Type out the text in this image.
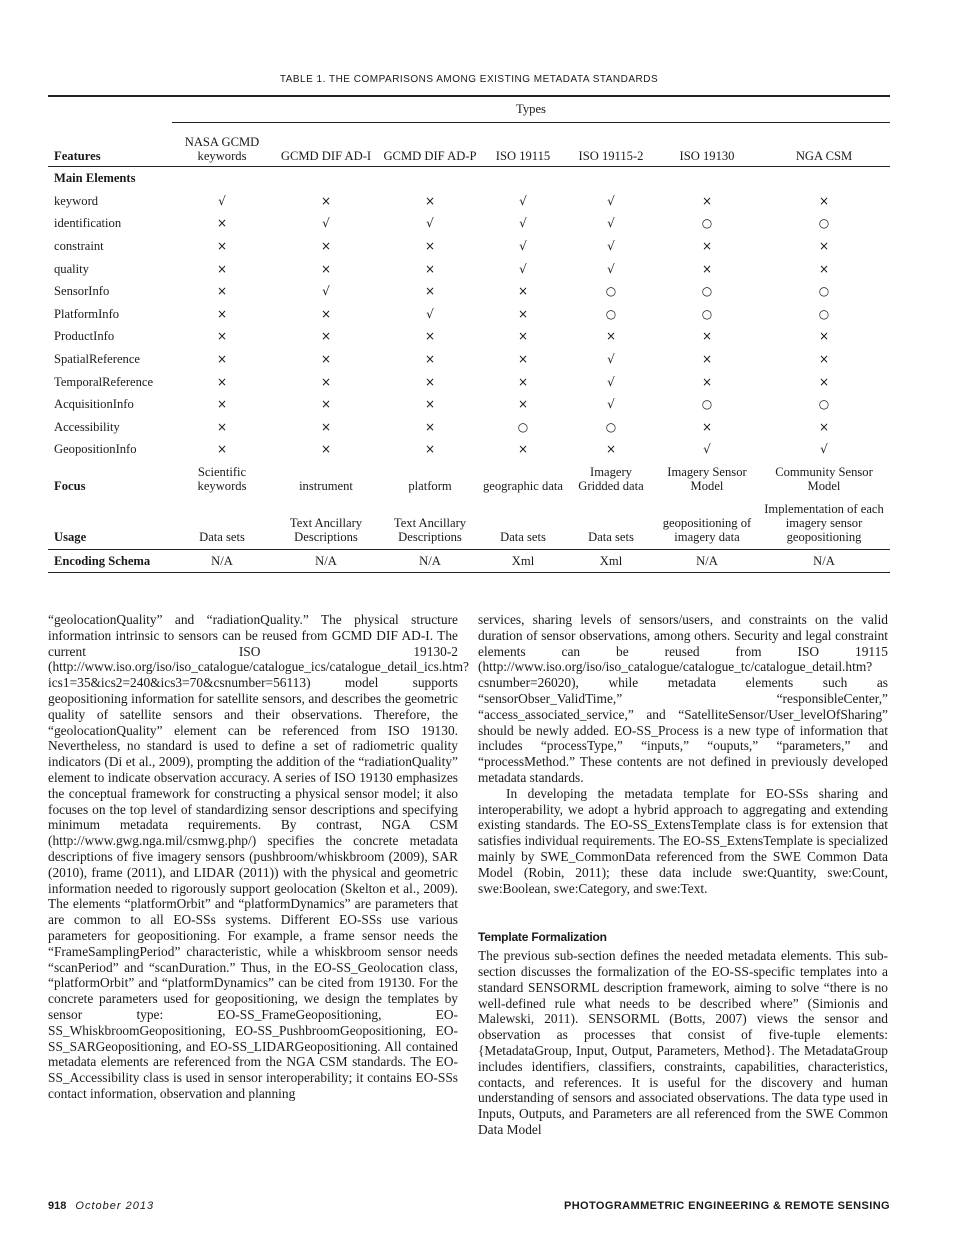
TABLE 1. THE COMPARISONS AMONG EXISTING METADATA STANDARDS
	Types						
Features	NASA GCMD keywords	GCMD DIF AD-I	GCMD DIF AD-P	ISO 19115	ISO 19115-2	ISO 19130	NGA CSM
Main Elements							
keyword	√	×	×	√	√	×	×
identification	×	√	√	√	√	○	○
constraint	×	×	×	√	√	×	×
quality	×	×	×	√	√	×	×
SensorInfo	×	√	×	×	○	○	○
PlatformInfo	×	×	√	×	○	○	○
ProductInfo	×	×	×	×	×	×	×
SpatialReference	×	×	×	×	√	×	×
TemporalReference	×	×	×	×	√	×	×
AcquisitionInfo	×	×	×	×	√	○	○
Accessibility	×	×	×	○	○	×	×
GeopositionInfo	×	×	×	×	×	√	√
Focus	Scientific keywords	instrument	platform	geographic data	Imagery Gridded data	Imagery Sensor Model	Community Sensor Model
Usage	Data sets	Text Ancillary Descriptions	Text Ancillary Descriptions	Data sets	Data sets	geopositioning of imagery data	Implementation of each imagery sensor geopositioning
Encoding Schema	N/A	N/A	N/A	Xml	Xml	N/A	N/A

“geolocationQuality” and “radiationQuality.” The physical structure information intrinsic to sensors can be reused from GCMD DIF AD-I. The current ISO 19130-2 (http://www.iso.org/iso/iso_catalogue/catalogue_ics/catalogue_detail_ics.htm?ics1=35&ics2=240&ics3=70&csnumber=56113) model supports geopositioning information for satellite sensors, and describes the geometric quality of satellite sensors and their observations. Therefore, the “geolocationQuality” element can be referenced from ISO 19130. Nevertheless, no standard is used to define a set of radiometric quality indicators (Di et al., 2009), prompting the addition of the “radiationQuality” element to indicate observation accuracy. A series of ISO 19130 emphasizes the conceptual framework for constructing a physical sensor model; it also focuses on the top level of standardizing sensor descriptions and specifying minimum metadata requirements. By contrast, NGA CSM (http://www.gwg.nga.mil/csmwg.php/) specifies the concrete metadata descriptions of five imagery sensors (pushbroom/whiskbroom (2009), SAR (2010), frame (2011), and LIDAR (2011)) with the physical and geometric information needed to rigorously support geolocation (Skelton et al., 2009). The elements “platformOrbit” and “platformDynamics” are parameters that are common to all EO-SSs systems. Different EO-SSs use various parameters for geopositioning. For example, a frame sensor needs the “FrameSamplingPeriod” characteristic, while a whiskbroom sensor needs “scanPeriod” and “scanDuration.” Thus, in the EO-SS_Geolocation class, “platformOrbit” and “platformDynamics” can be cited from 19130. For the concrete parameters used for geopositioning, we design the templates by sensor type: EO-SS_FrameGeopositioning, EO-SS_WhiskbroomGeopositioning, EO-SS_PushbroomGeopositioning, EO-SS_SARGeopositioning, and EO-SS_LIDARGeopositioning. All contained metadata elements are referenced from the NGA CSM standards. The EO-SS_Accessibility class is used in sensor interoperability; it contains EO-SSs contact information, observation and planning

services, sharing levels of sensors/users, and constraints on the valid duration of sensor observations, among others. Security and legal constraint elements can be reused from ISO 19115 (http://www.iso.org/iso/iso_catalogue/catalogue_tc/catalogue_detail.htm?csnumber=26020), while metadata elements such as “sensorObser_ValidTime,” “responsibleCenter,” “access_associated_service,” and “SatelliteSensor/User_levelOfSharing” should be newly added. EO-SS_Process is a new type of information that includes “processType,” “inputs,” “ouputs,” “parameters,” and “processMethod.” These contents are not defined in previously developed metadata standards.

In developing the metadata template for EO-SSs sharing and interoperability, we adopt a hybrid approach to aggregating and extending existing standards. The EO-SS_ExtensTemplate class is for extension that satisfies individual requirements. The EO-SS_ExtensTemplate is specialized mainly by SWE_CommonData referenced from the SWE Common Data Model (Robin, 2011); these data include swe:Quantity, swe:Count, swe:Boolean, swe:Category, and swe:Text.

Template Formalization

The previous sub-section defines the needed metadata elements. This sub-section discusses the formalization of the EO-SS-specific templates into a standard SENSORML description framework, aiming to solve “there is no well-defined rule what needs to be described where” (Simionis and Malewski, 2011). SENSORML (Botts, 2007) views the sensor and observation as processes that consist of five-tuple elements: {MetadataGroup, Input, Output, Parameters, Method}. The MetadataGroup includes identifiers, classifiers, constraints, capabilities, characteristics, contacts, and references. It is useful for the discovery and human understanding of sensors and associated observations. The data type used in Inputs, Outputs, and Parameters are all referenced from the SWE Common Data Model

918 October 2013	PHOTOGRAMMETRIC ENGINEERING & REMOTE SENSING
